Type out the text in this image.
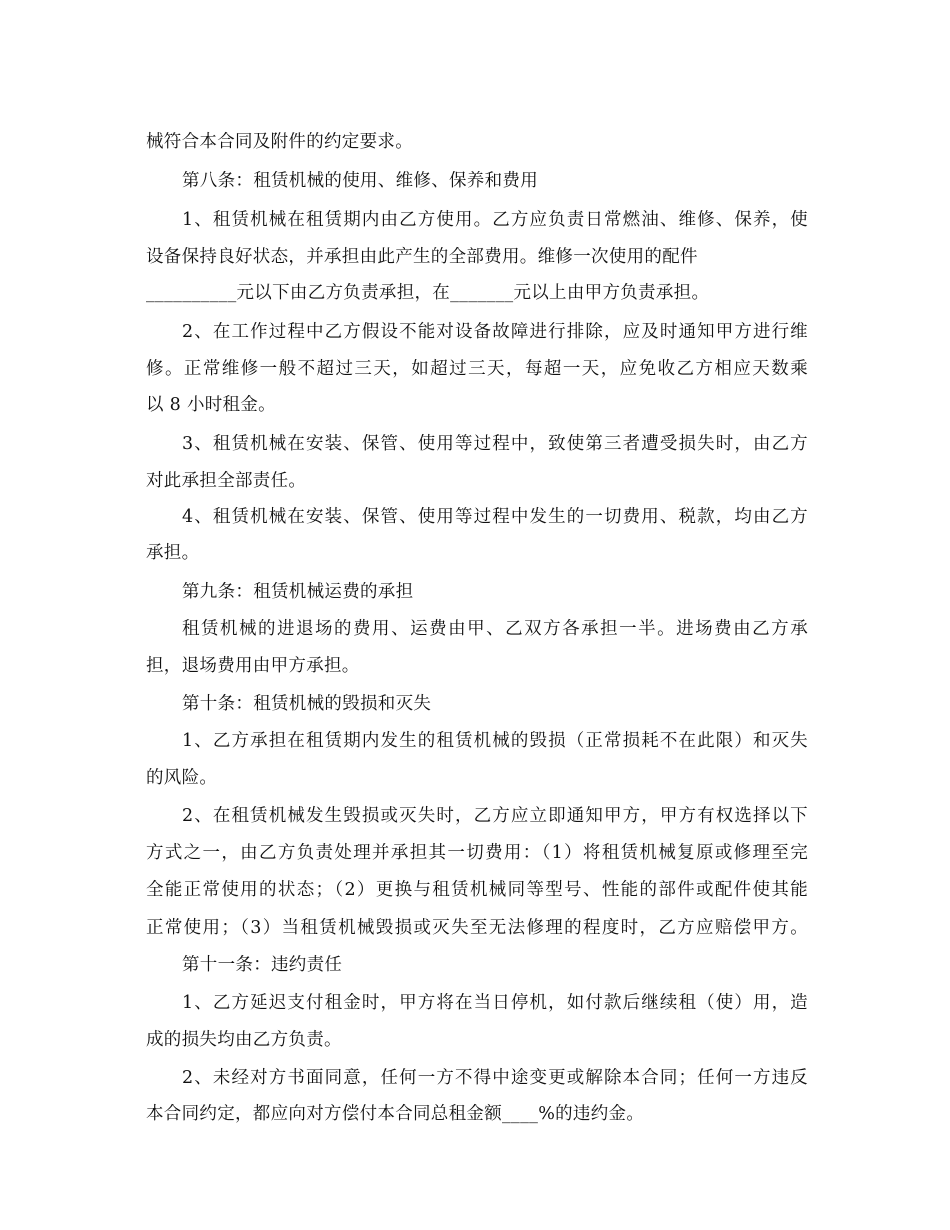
械符合本合同及附件的约定要求。
第八条：租赁机械的使用、维修、保养和费用
1、租赁机械在租赁期内由乙方使用。乙方应负责日常燃油、维修、保养，使
设备保持良好状态，并承担由此产生的全部费用。维修一次使用的配件
__________元以下由乙方负责承担，在_______元以上由甲方负责承担。
2、在工作过程中乙方假设不能对设备故障进行排除，应及时通知甲方进行维
修。正常维修一般不超过三天，如超过三天，每超一天，应免收乙方相应天数乘
以 8 小时租金。
3、租赁机械在安装、保管、使用等过程中，致使第三者遭受损失时，由乙方
对此承担全部责任。
4、租赁机械在安装、保管、使用等过程中发生的一切费用、税款，均由乙方
承担。
第九条：租赁机械运费的承担
租赁机械的进退场的费用、运费由甲、乙双方各承担一半。进场费由乙方承
担，退场费用由甲方承担。
第十条：租赁机械的毁损和灭失
1、乙方承担在租赁期内发生的租赁机械的毁损（正常损耗不在此限）和灭失
的风险。
2、在租赁机械发生毁损或灭失时，乙方应立即通知甲方，甲方有权选择以下
方式之一，由乙方负责处理并承担其一切费用：（1）将租赁机械复原或修理至完
全能正常使用的状态；（2）更换与租赁机械同等型号、性能的部件或配件使其能
正常使用；（3）当租赁机械毁损或灭失至无法修理的程度时，乙方应赔偿甲方。
第十一条：违约责任
1、乙方延迟支付租金时，甲方将在当日停机，如付款后继续租（使）用，造
成的损失均由乙方负责。
2、未经对方书面同意，任何一方不得中途变更或解除本合同；任何一方违反
本合同约定，都应向对方偿付本合同总租金额____%的违约金。
